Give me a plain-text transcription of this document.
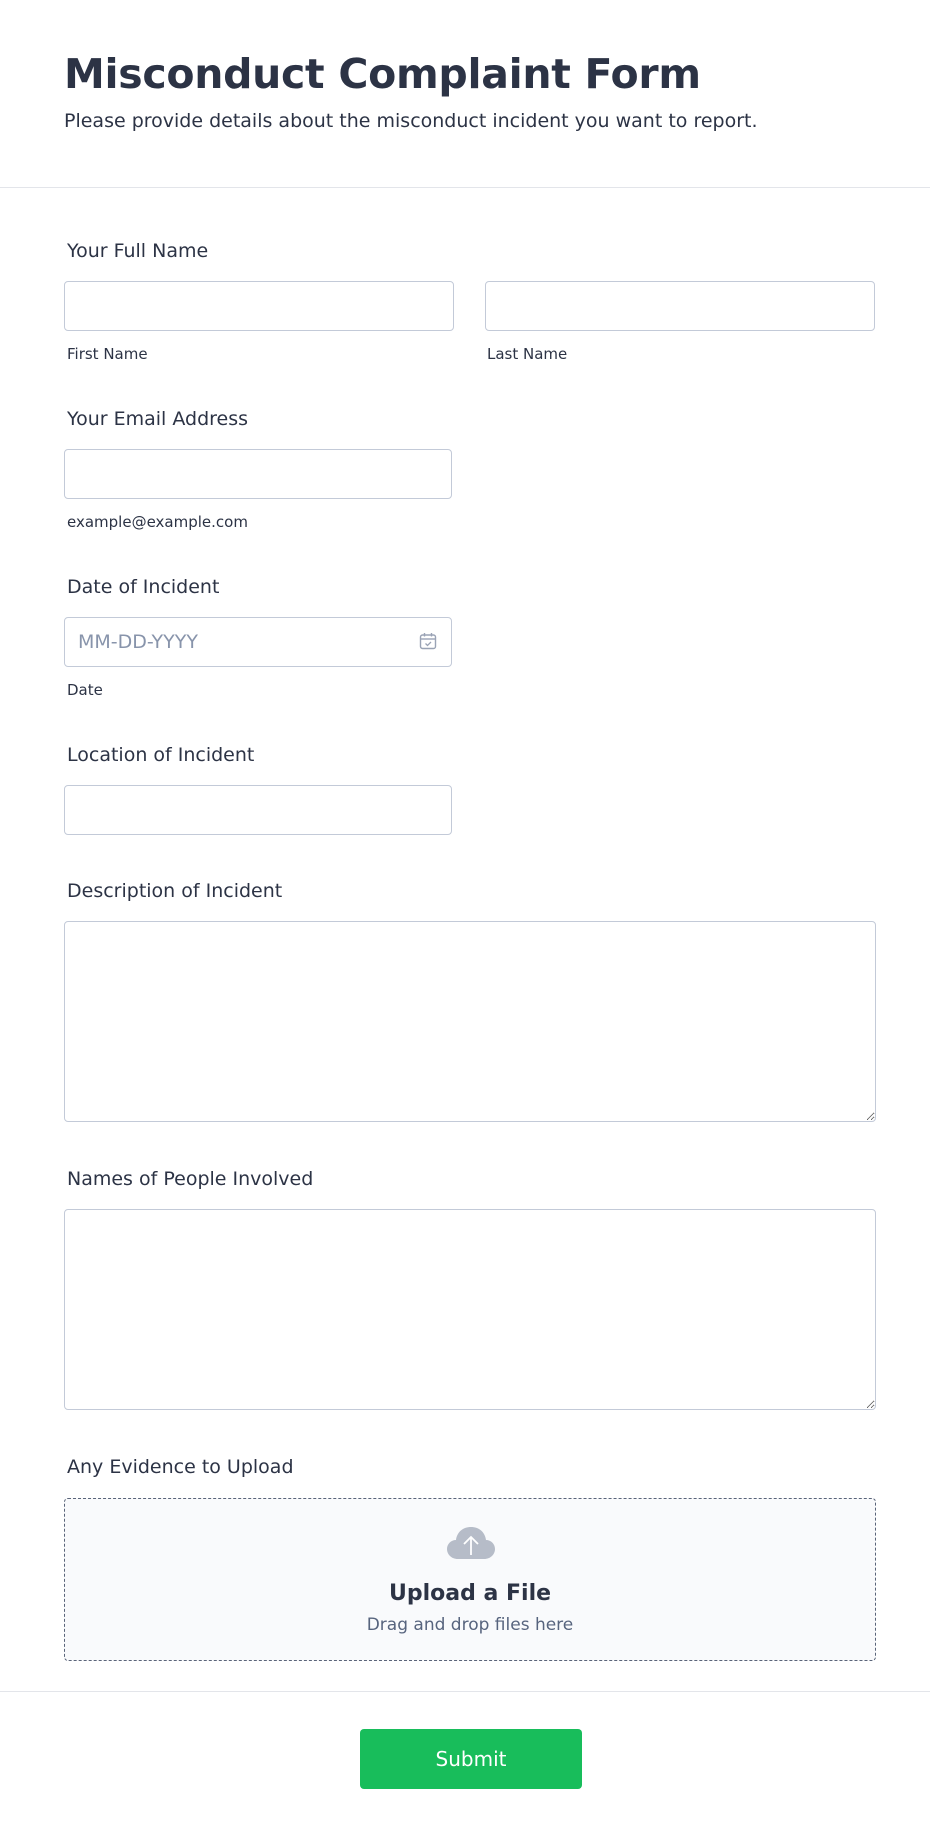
Misconduct Complaint Form

Please provide details about the misconduct incident you want to report.

Your Full Name
First Name	Last Name
Your Email Address
example@example.com
Date of Incident
MM-DD-YYYY
Date
Location of Incident
Description of Incident
Names of People Involved
Any Evidence to Upload
Upload a File
Drag and drop files here
Submit
